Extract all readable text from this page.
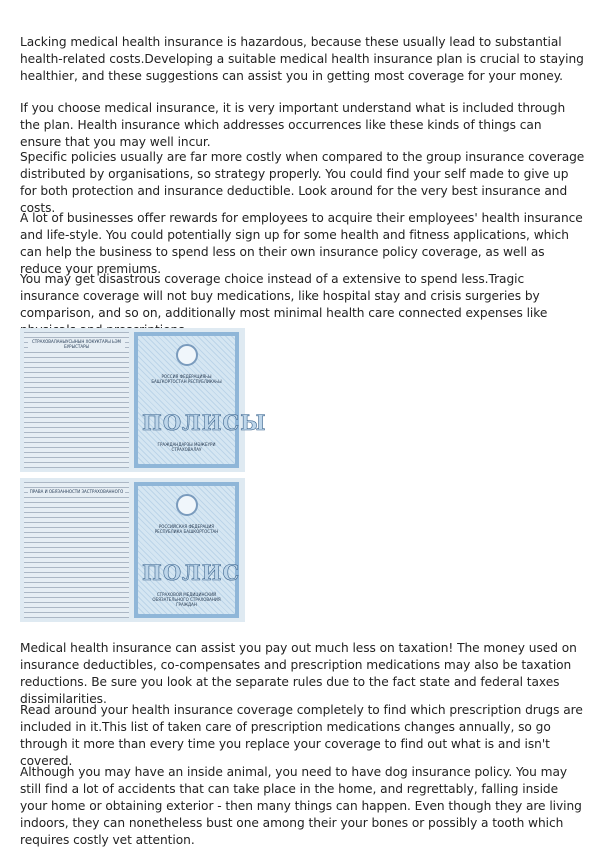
Lacking medical health insurance is hazardous, because these usually lead to substantial health-related costs.Developing a suitable medical health insurance plan is crucial to staying healthier, and these suggestions can assist you in getting most coverage for your money.

If you choose medical insurance, it is very important understand what is included through the plan. Health insurance which addresses occurrences like these kinds of things can ensure that you may well incur.

Specific policies usually are far more costly when compared to the group insurance coverage distributed by organisations, so strategy properly. You could find your self made to give up for both protection and insurance deductible. Look around for the very best insurance and costs.

A lot of businesses offer rewards for employees to acquire their employees' health insurance and life-style. You could potentially sign up for some health and fitness applications, which can help the business to spend less on their own insurance policy coverage, as well as reduce your premiums.

You may get disastrous coverage choice instead of a extensive to spend less.Tragic insurance coverage will not buy medications, like hospital stay and crisis surgeries by comparison, and so on, additionally most minimal health care connected expenses like

СТРАХОВАЛАНЫУСЫНЫН ХОКУКТАРЫ ЬЭМ БУРЫСТАРЫ
РОССИЯ ФЕДЕРАЦИЯҺЫ БАШҠОРТОСТАН РЕСПУБЛИКАҺЫ
ПОЛИСЫ
ГРАЖДАНДАРЗЫ МӘЖБҮРИ СТРАХОВАЛАУ
ПРАВА И ОБЯЗАННОСТИ ЗАСТРАХОВАННОГО
РОССИЙСКАЯ ФЕДЕРАЦИЯ РЕСПУБЛИКА БАШКОРТОСТАН
ПОЛИС
СТРАХОВОЙ МЕДИЦИНСКИЙ ОБЯЗАТЕЛЬНОГО СТРАХОВАНИЯ ГРАЖДАН

Medical health insurance can assist you pay out much less on taxation! The money used on insurance deductibles, co-compensates and prescription medications may also be taxation reductions. Be sure you look at the separate rules due to the fact state and federal taxes dissimilarities.

Read around your health insurance coverage completely to find which prescription drugs are included in it.This list of taken care of prescription medications changes annually, so go through it more than every time you replace your coverage to find out what is and isn't covered.

Although you may have an inside animal, you need to have dog insurance policy. You may still find a lot of accidents that can take place in the home, and regrettably, falling inside your home or obtaining exterior - then many things can happen. Even though they are living indoors, they can nonetheless bust one among their your bones or possibly a tooth which requires costly vet attention.
